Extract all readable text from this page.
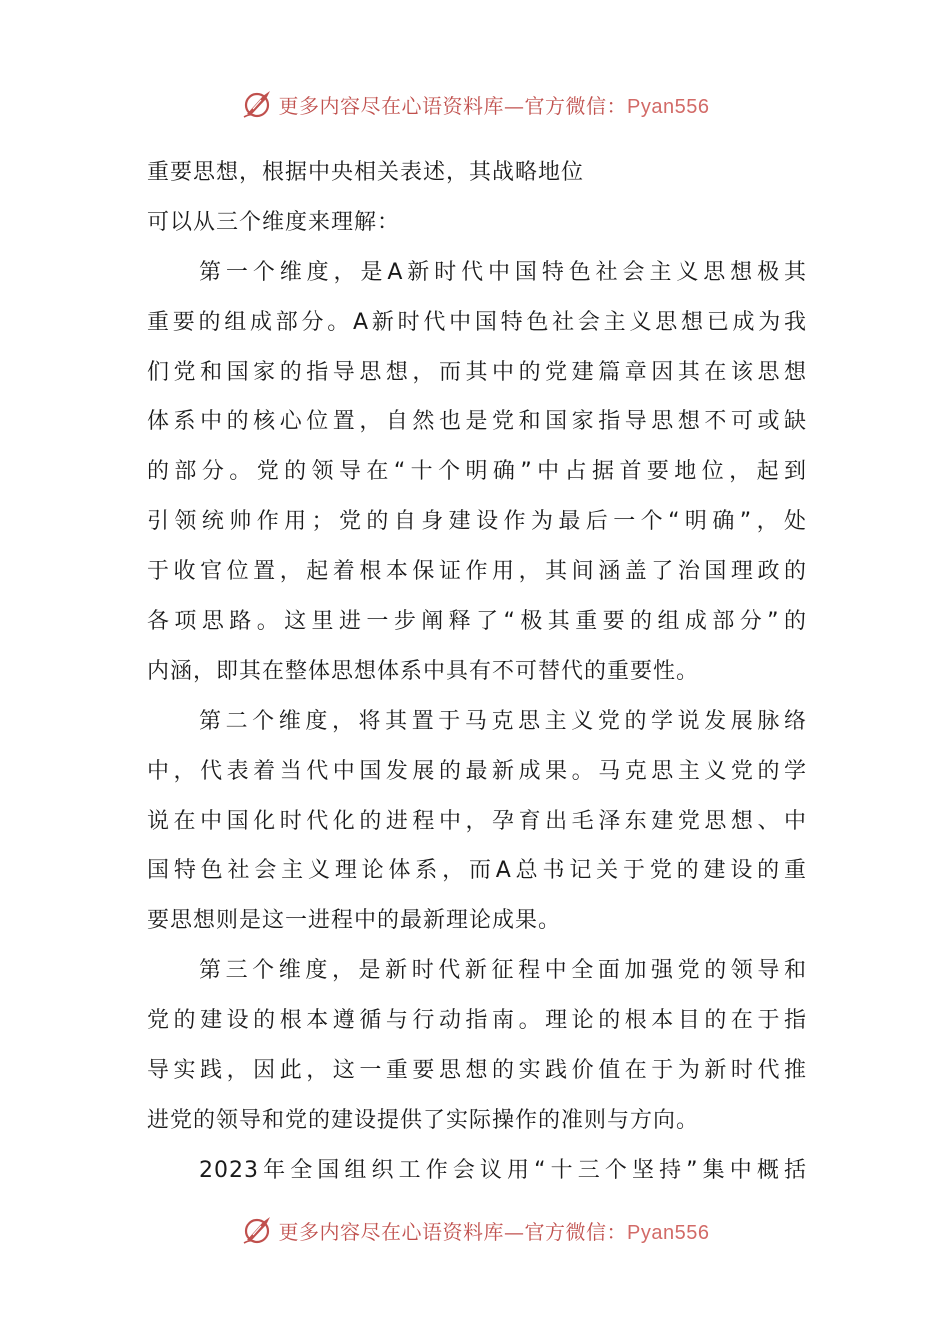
更多内容尽在心语资料库—官方微信：Pyan556
重要思想，根据中央相关表述，其战略地位
可以从三个维度来理解：
第一个维度，是A新时代中国特色社会主义思想极其
重要的组成部分。A新时代中国特色社会主义思想已成为我
们党和国家的指导思想，而其中的党建篇章因其在该思想
体系中的核心位置，自然也是党和国家指导思想不可或缺
的部分。党的领导在“十个明确”中占据首要地位，起到
引领统帅作用；党的自身建设作为最后一个“明确”，处
于收官位置，起着根本保证作用，其间涵盖了治国理政的
各项思路。这里进一步阐释了“极其重要的组成部分”的
内涵，即其在整体思想体系中具有不可替代的重要性。
第二个维度，将其置于马克思主义党的学说发展脉络
中，代表着当代中国发展的最新成果。马克思主义党的学
说在中国化时代化的进程中，孕育出毛泽东建党思想、中
国特色社会主义理论体系，而A总书记关于党的建设的重
要思想则是这一进程中的最新理论成果。
第三个维度，是新时代新征程中全面加强党的领导和
党的建设的根本遵循与行动指南。理论的根本目的在于指
导实践，因此，这一重要思想的实践价值在于为新时代推
进党的领导和党的建设提供了实际操作的准则与方向。
2023年全国组织工作会议用“十三个坚持”集中概括
更多内容尽在心语资料库—官方微信：Pyan556
